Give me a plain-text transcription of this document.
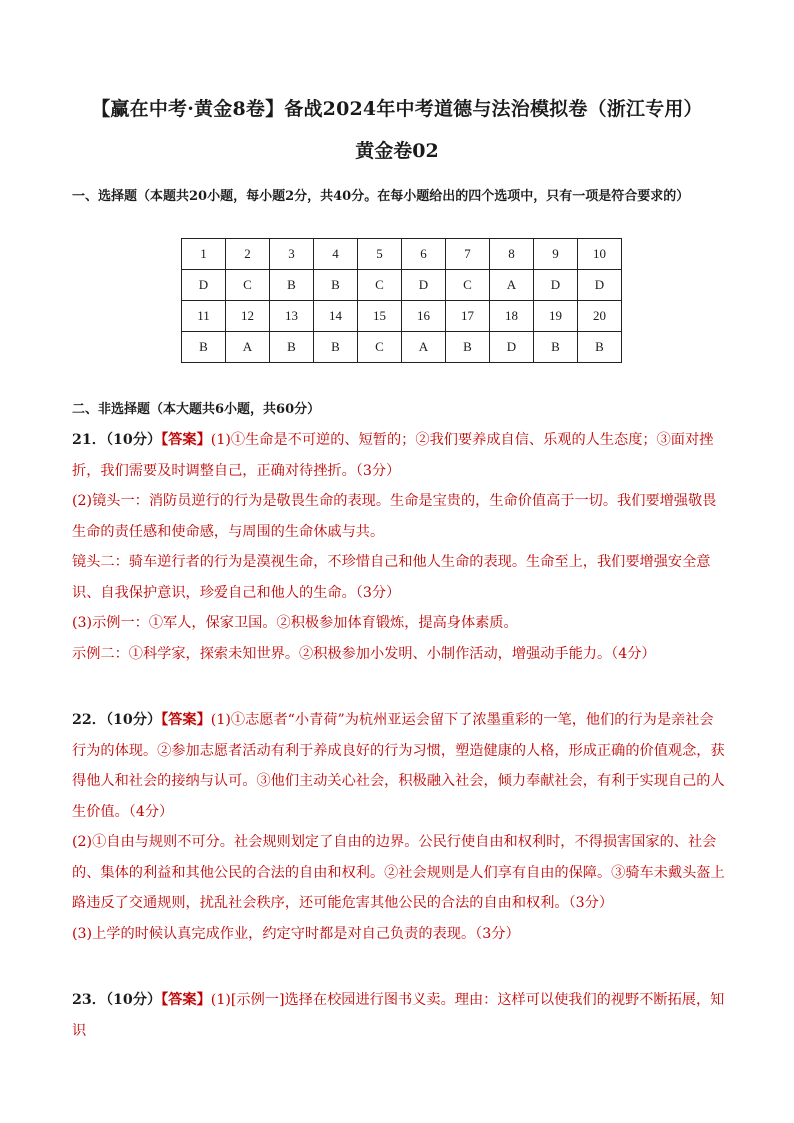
【赢在中考·黄金8卷】备战2024年中考道德与法治模拟卷（浙江专用）
黄金卷02
一、选择题（本题共20小题，每小题2分，共40分。在每小题给出的四个选项中，只有一项是符合要求的）
1	2	3	4	5	6	7	8	9	10
D	C	B	B	C	D	C	A	D	D
11	12	13	14	15	16	17	18	19	20
B	A	B	B	C	A	B	D	B	B
二、非选择题（本大题共6小题，共60分）

21．（10分）【答案】(1)①生命是不可逆的、短暂的；②我们要养成自信、乐观的人生态度；③面对挫折，我们需要及时调整自己，正确对待挫折。（3分）

(2)镜头一：消防员逆行的行为是敬畏生命的表现。生命是宝贵的，生命价值高于一切。我们要增强敬畏生命的责任感和使命感，与周围的生命休戚与共。

镜头二：骑车逆行者的行为是漠视生命，不珍惜自己和他人生命的表现。生命至上，我们要增强安全意识、自我保护意识，珍爱自己和他人的生命。（3分）

(3)示例一：①军人，保家卫国。②积极参加体育锻炼，提高身体素质。

示例二：①科学家，探索未知世界。②积极参加小发明、小制作活动，增强动手能力。（4分）

22．（10分）【答案】(1)①志愿者“小青荷”为杭州亚运会留下了浓墨重彩的一笔，他们的行为是亲社会行为的体现。②参加志愿者活动有利于养成良好的行为习惯，塑造健康的人格，形成正确的价值观念，获得他人和社会的接纳与认可。③他们主动关心社会，积极融入社会，倾力奉献社会，有利于实现自己的人生价值。（4分）

(2)①自由与规则不可分。社会规则划定了自由的边界。公民行使自由和权利时，不得损害国家的、社会的、集体的利益和其他公民的合法的自由和权利。②社会规则是人们享有自由的保障。③骑车未戴头盔上路违反了交通规则，扰乱社会秩序，还可能危害其他公民的合法的自由和权利。（3分）

(3)上学的时候认真完成作业，约定守时都是对自己负责的表现。（3分）

23．（10分）【答案】(1)[示例一]选择在校园进行图书义卖。理由：这样可以使我们的视野不断拓展，知识
